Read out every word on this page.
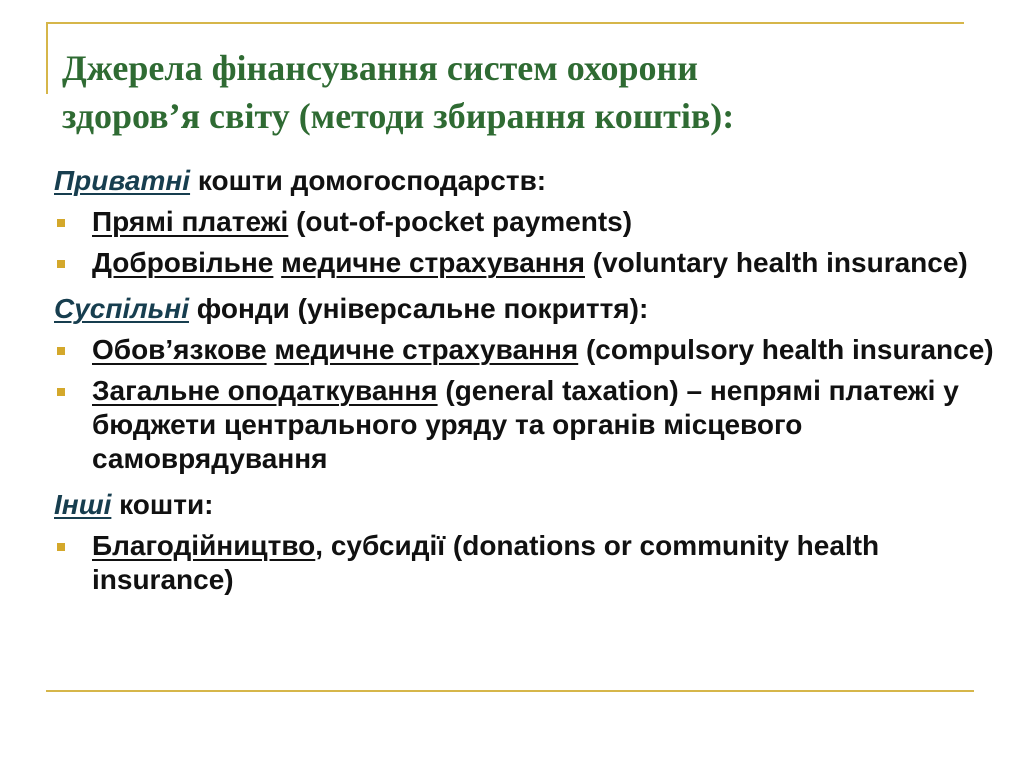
Джерела фінансування систем охорони
здоров’я світу (методи збирання коштів):

Приватні кошти домогосподарств:

Прямі платежі (out-of-pocket payments)

Добровільне медичне страхування (voluntary health insurance)

Суспільні фонди (універсальне покриття):

Обов’язкове медичне страхування (compulsory health insurance)

Загальне оподаткування (general taxation) – непрямі платежі у бюджети центрального уряду та органів місцевого самоврядування

Інші кошти:

Благодійництво, субсидії (donations or community health insurance)
